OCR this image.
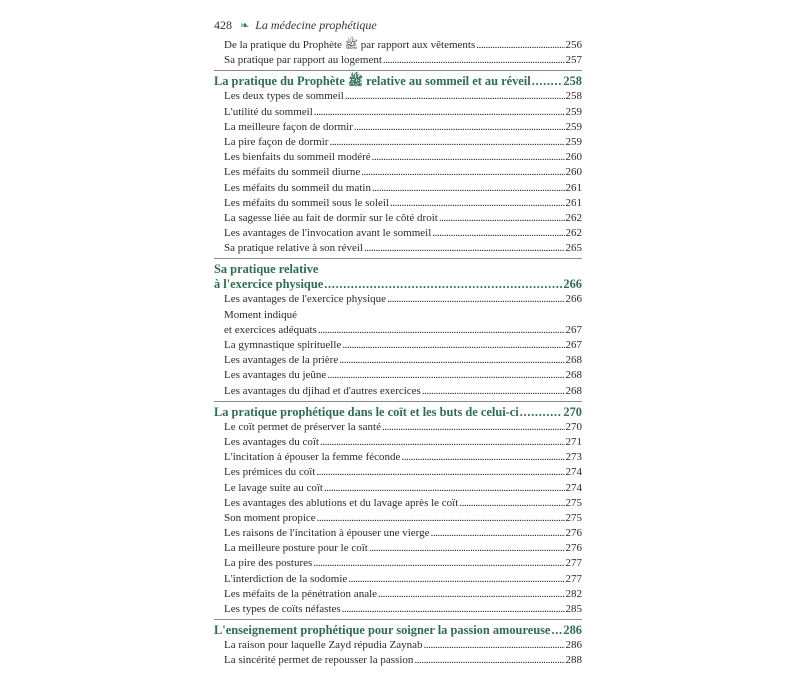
428 ❧ La médecine prophétique
De la pratique du Prophète ﷺ par rapport aux vêtements . . .	256
Sa pratique par rapport au logement . . .	257
La pratique du Prophète ﷺ relative au sommeil et au réveil . . .	258
Les deux types de sommeil . . .	258
L'utilité du sommeil . . .	259
La meilleure façon de dormir . . .	259
La pire façon de dormir . . .	259
Les bienfaits du sommeil modéré . . .	260
Les méfaits du sommeil diurne . . .	260
Les méfaits du sommeil du matin . . .	261
Les méfaits du sommeil sous le soleil . . .	261
La sagesse liée au fait de dormir sur le côté droit . . .	262
Les avantages de l'invocation avant le sommeil . . .	262
Sa pratique relative à son réveil . . .	265
Sa pratique relative
à l'exercice physique . . .	266
Les avantages de l'exercice physique . . .	266
Moment indiqué
et exercices adéquats . . .	267
La gymnastique spirituelle . . .	267
Les avantages de la prière . . .	268
Les avantages du jeûne . . .	268
Les avantages du djihad et d'autres exercices . . .	268
La pratique prophétique dans le coït et les buts de celui-ci . . .	270
Le coït permet de préserver la santé . . .	270
Les avantages du coït . . .	271
L'incitation à épouser la femme féconde . . .	273
Les prémices du coït . . .	274
Le lavage suite au coït . . .	274
Les avantages des ablutions et du lavage après le coït . . .	275
Son moment propice . . .	275
Les raisons de l'incitation à épouser une vierge . . .	276
La meilleure posture pour le coït . . .	276
La pire des postures . . .	277
L'interdiction de la sodomie . . .	277
Les méfaits de la pénétration anale . . .	282
Les types de coïts néfastes . . .	285
L'enseignement prophétique pour soigner la passion amoureuse . . . 286
La raison pour laquelle Zayd répudia Zaynab . . .	286
La sincérité permet de repousser la passion . . .	288
